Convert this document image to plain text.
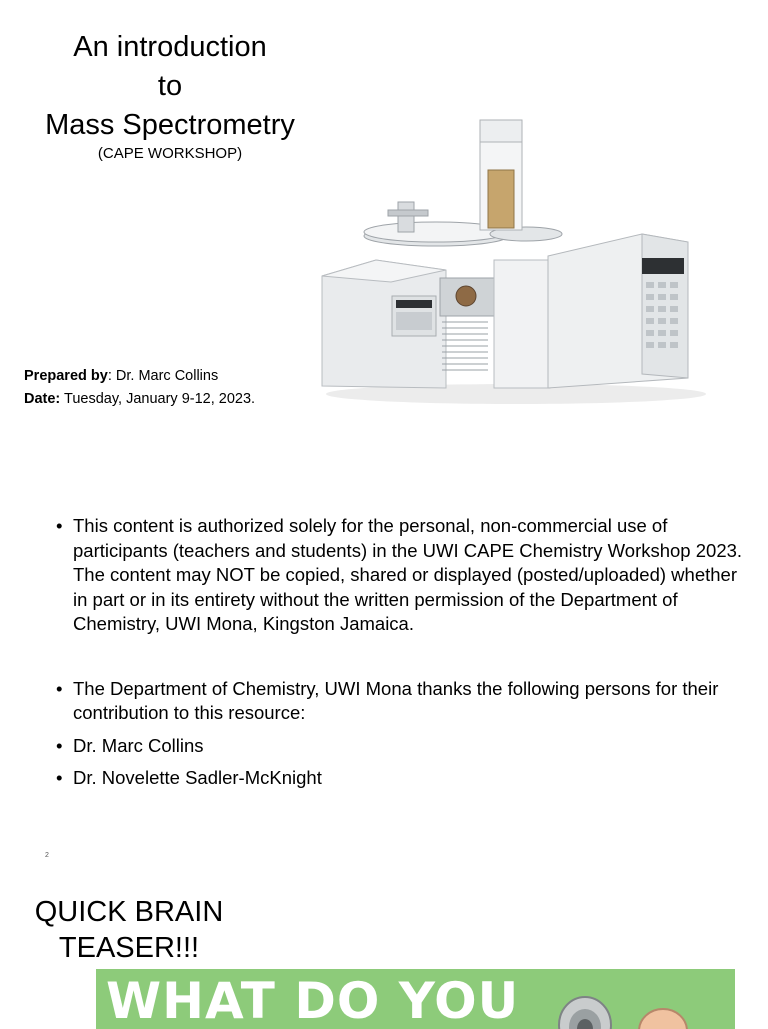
An introduction
to
Mass Spectrometry
(CAPE WORKSHOP)
Prepared by: Dr. Marc Collins
Date: Tuesday, January 9-12, 2023.
• This content is authorized solely for the personal, non-commercial use of participants (teachers and students) in the UWI CAPE Chemistry Workshop 2023. The content may NOT be copied, shared or displayed (posted/uploaded) whether in part or in its entirety without the written permission of the Department of Chemistry, UWI Mona, Kingston Jamaica.
• The Department of Chemistry, UWI Mona thanks the following persons for their contribution to this resource:
• Dr. Marc Collins
• Dr. Novelette Sadler-McKnight
2
QUICK BRAIN
TEASER!!!
WHAT DO YOU
